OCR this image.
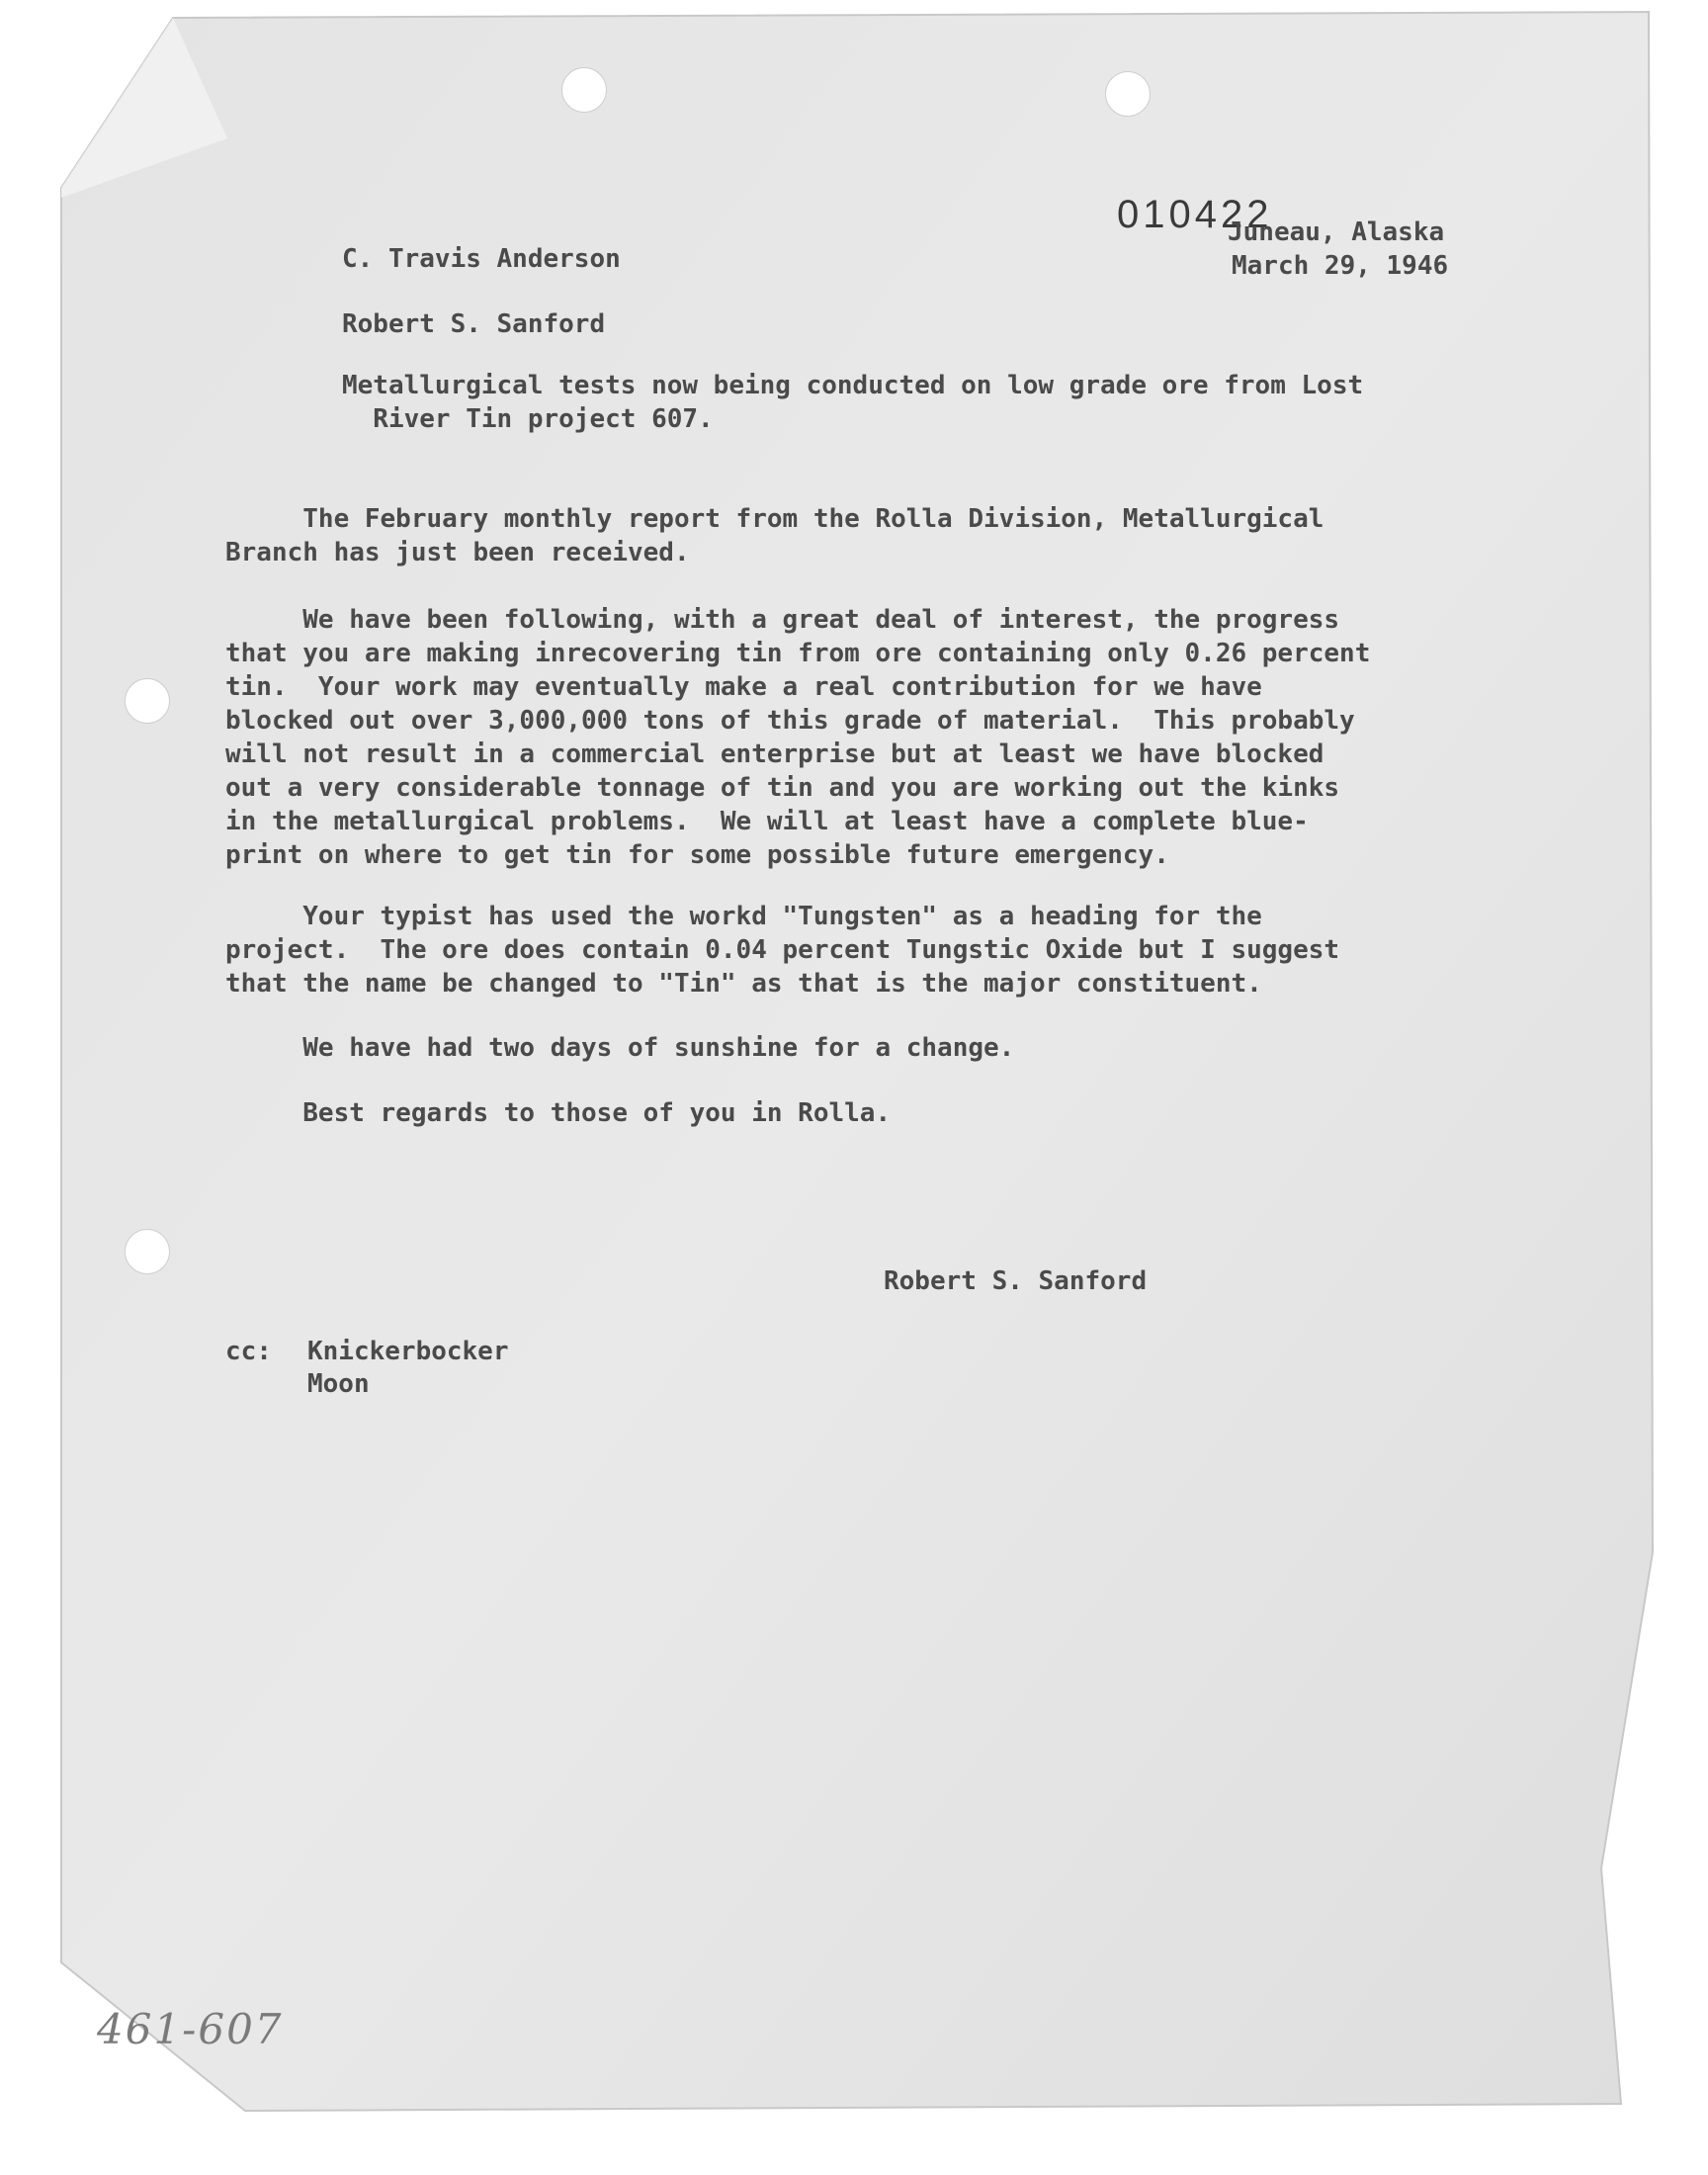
010422
Juneau, Alaska
March 29, 1946
C. Travis Anderson
Robert S. Sanford
Metallurgical tests now being conducted on low grade ore from Lost
River Tin project 607.
The February monthly report from the Rolla Division, Metallurgical
Branch has just been received.
We have been following, with a great deal of interest, the progress
that you are making inrecovering tin from ore containing only 0.26 percent
tin.  Your work may eventually make a real contribution for we have
blocked out over 3,000,000 tons of this grade of material.  This probably
will not result in a commercial enterprise but at least we have blocked
out a very considerable tonnage of tin and you are working out the kinks
in the metallurgical problems.  We will at least have a complete blue-
print on where to get tin for some possible future emergency.
Your typist has used the workd "Tungsten" as a heading for the
project.  The ore does contain 0.04 percent Tungstic Oxide but I suggest
that the name be changed to "Tin" as that is the major constituent.
We have had two days of sunshine for a change.
Best regards to those of you in Rolla.
Robert S. Sanford
cc: Knickerbocker
Moon
461-607
